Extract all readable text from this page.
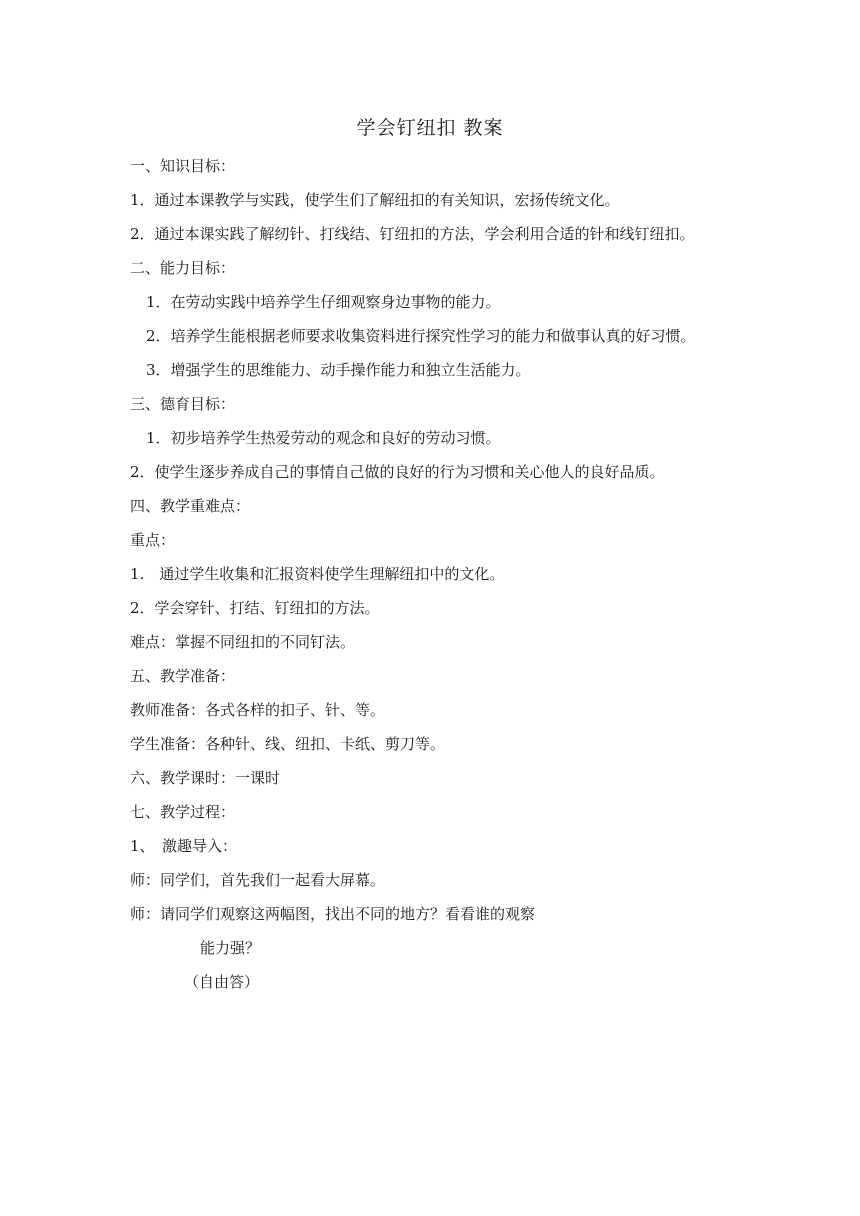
学会钉纽扣 教案

一、知识目标：

1．通过本课教学与实践，使学生们了解纽扣的有关知识，宏扬传统文化。

2．通过本课实践了解纫针、打线结、钉纽扣的方法，学会利用合适的针和线钉纽扣。

二、能力目标：

1．在劳动实践中培养学生仔细观察身边事物的能力。

2．培养学生能根据老师要求收集资料进行探究性学习的能力和做事认真的好习惯。

3．增强学生的思维能力、动手操作能力和独立生活能力。

三、德育目标：

1．初步培养学生热爱劳动的观念和良好的劳动习惯。

2．使学生逐步养成自己的事情自己做的良好的行为习惯和关心他人的良好品质。

四、教学重难点：

重点：

1.　通过学生收集和汇报资料使学生理解纽扣中的文化。

2．学会穿针、打结、钉纽扣的方法。

难点：掌握不同纽扣的不同钉法。

五、教学准备：

教师准备：各式各样的扣子、针、等。

学生准备：各种针、线、纽扣、卡纸、剪刀等。

六、教学课时：一课时

七、教学过程：

1、　激趣导入：

师：同学们，首先我们一起看大屏幕。

师：请同学们观察这两幅图，找出不同的地方？看看谁的观察

能力强？

（自由答）
